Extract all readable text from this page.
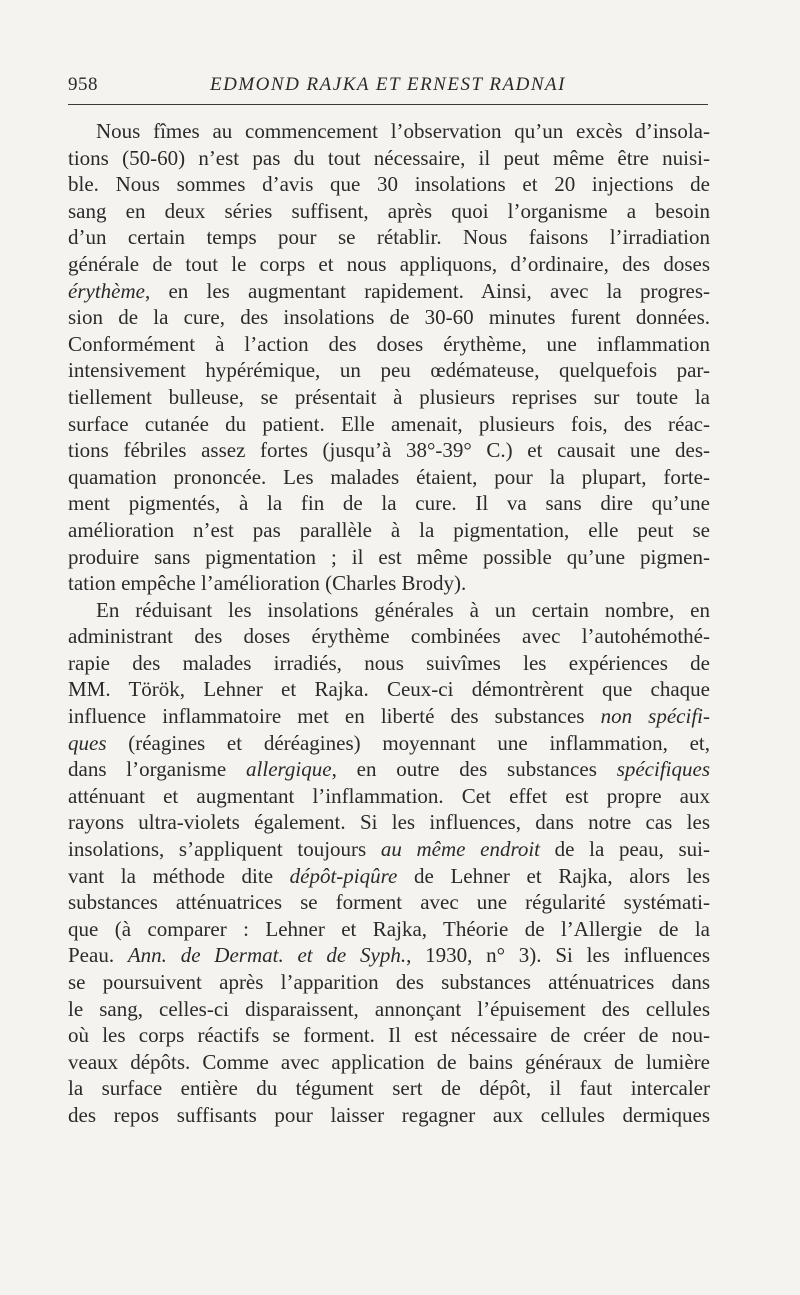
958	EDMOND RAJKA ET ERNEST RADNAI
Nous fîmes au commencement l’observation qu’un excès d’insola-
tions (50-60) n’est pas du tout nécessaire, il peut même être nuisi-
ble. Nous sommes d’avis que 30 insolations et 20 injections de
sang en deux séries suffisent, après quoi l’organisme a besoin
d’un certain temps pour se rétablir. Nous faisons l’irradiation
générale de tout le corps et nous appliquons, d’ordinaire, des doses
érythème, en les augmentant rapidement. Ainsi, avec la progres-
sion de la cure, des insolations de 30-60 minutes furent données.
Conformément à l’action des doses érythème, une inflammation
intensivement hypérémique, un peu œdémateuse, quelquefois par-
tiellement bulleuse, se présentait à plusieurs reprises sur toute la
surface cutanée du patient. Elle amenait, plusieurs fois, des réac-
tions fébriles assez fortes (jusqu’à 38°-39° C.) et causait une des-
quamation prononcée. Les malades étaient, pour la plupart, forte-
ment pigmentés, à la fin de la cure. Il va sans dire qu’une
amélioration n’est pas parallèle à la pigmentation, elle peut se
produire sans pigmentation ; il est même possible qu’une pigmen-
tation empêche l’amélioration (Charles Brody).
En réduisant les insolations générales à un certain nombre, en
administrant des doses érythème combinées avec l’autohémothé-
rapie des malades irradiés, nous suivîmes les expériences de
MM. Török, Lehner et Rajka. Ceux-ci démontrèrent que chaque
influence inflammatoire met en liberté des substances non spécifi-
ques (réagines et déréagines) moyennant une inflammation, et,
dans l’organisme allergique, en outre des substances spécifiques
atténuant et augmentant l’inflammation. Cet effet est propre aux
rayons ultra-violets également. Si les influences, dans notre cas les
insolations, s’appliquent toujours au même endroit de la peau, sui-
vant la méthode dite dépôt-piqûre de Lehner et Rajka, alors les
substances atténuatrices se forment avec une régularité systémati-
que (à comparer : Lehner et Rajka, Théorie de l’Allergie de la
Peau. Ann. de Dermat. et de Syph., 1930, n° 3). Si les influences
se poursuivent après l’apparition des substances atténuatrices dans
le sang, celles-ci disparaissent, annonçant l’épuisement des cellules
où les corps réactifs se forment. Il est nécessaire de créer de nou-
veaux dépôts. Comme avec application de bains généraux de lumière
la surface entière du tégument sert de dépôt, il faut intercaler
des repos suffisants pour laisser regagner aux cellules dermiques
